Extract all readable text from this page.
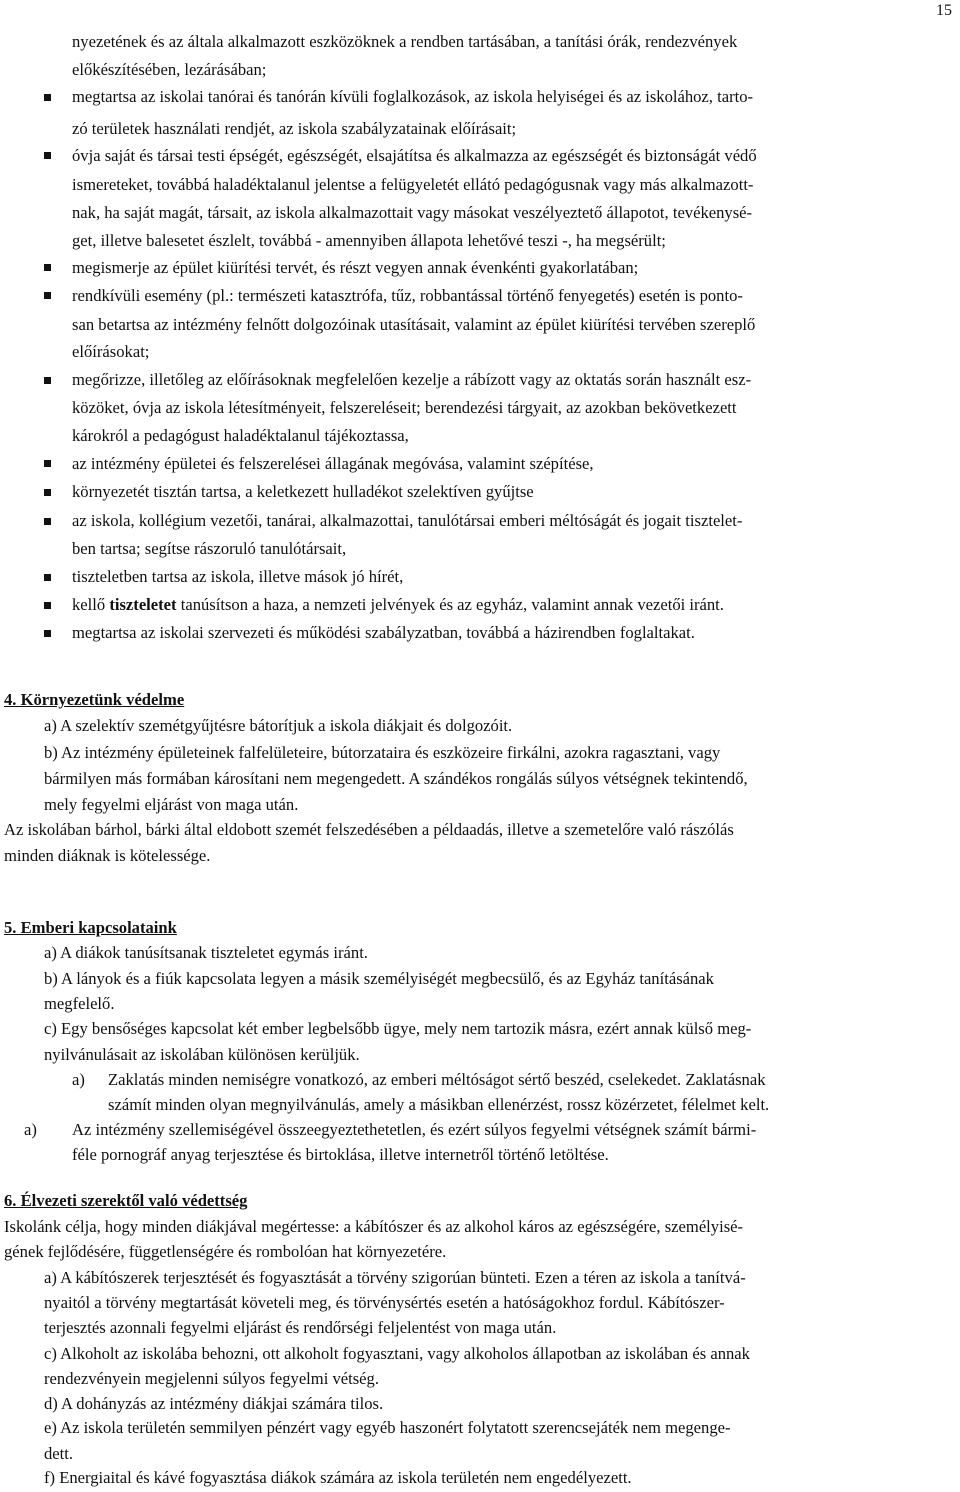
15
nyezetének és az általa alkalmazott eszközöknek a rendben tartásában, a tanítási órák, rendezvények
előkészítésében, lezárásában;
megtartsa az iskolai tanórai és tanórán kívüli foglalkozások, az iskola helyiségei és az iskolához, tarto-
zó területek használati rendjét, az iskola szabályzatainak előírásait;
óvja saját és társai testi épségét, egészségét, elsajátítsa és alkalmazza az egészségét és biztonságát védő
ismereteket, továbbá haladéktalanul jelentse a felügyeletét ellátó pedagógusnak vagy más alkalmazott-
nak, ha saját magát, társait, az iskola alkalmazottait vagy másokat veszélyeztető állapotot, tevékenysé-
get, illetve balesetet észlelt, továbbá - amennyiben állapota lehetővé teszi -, ha megsérült;
megismerje az épület kiürítési tervét, és részt vegyen annak évenkénti gyakorlatában;
rendkívüli esemény (pl.: természeti katasztrófa, tűz, robbantással történő fenyegetés) esetén is ponto-
san betartsa az intézmény felnőtt dolgozóinak utasításait, valamint az épület kiürítési tervében szereplő
előírásokat;
megőrizze, illetőleg az előírásoknak megfelelően kezelje a rábízott vagy az oktatás során használt esz-
közöket, óvja az iskola létesítményeit, felszereléseit; berendezési tárgyait, az azokban bekövetkezett
károkról a pedagógust haladéktalanul tájékoztassa,
az intézmény épületei és felszerelései állagának megóvása, valamint szépítése,
környezetét tisztán tartsa, a keletkezett hulladékot szelektíven gyűjtse
az iskola, kollégium vezetői, tanárai, alkalmazottai, tanulótársai emberi méltóságát és jogait tisztelet-
ben tartsa; segítse rászoruló tanulótársait,
tiszteletben tartsa az iskola, illetve mások jó hírét,
kellő tiszteletet tanúsítson a haza, a nemzeti jelvények és az egyház, valamint annak vezetői iránt.
megtartsa az iskolai szervezeti és működési szabályzatban, továbbá a házirendben foglaltakat.
4. Környezetünk védelme
a) A szelektív szemétgyűjtésre bátorítjuk a iskola diákjait és dolgozóit.
b) Az intézmény épületeinek falfelületeire, bútorzataira és eszközeire firkálni, azokra ragasztani, vagy
bármilyen más formában károsítani nem megengedett. A szándékos rongálás súlyos vétségnek tekintendő,
mely fegyelmi eljárást von maga után.
Az iskolában bárhol, bárki által eldobott szemét felszedésében a példaadás, illetve a szemetelőre való rászólás
minden diáknak is kötelessége.
5. Emberi kapcsolataink
a) A diákok tanúsítsanak tiszteletet egymás iránt.
b) A lányok és a fiúk kapcsolata legyen a másik személyiségét megbecsülő, és az Egyház tanításának
megfelelő.
c) Egy bensőséges kapcsolat két ember legbelsőbb ügye, mely nem tartozik másra, ezért annak külső meg-
nyilvánulásait az iskolában különösen kerüljük.
a) Zaklatás minden nemiségre vonatkozó, az emberi méltóságot sértő beszéd, cselekedet. Zaklatásnak
számít minden olyan megnyilvánulás, amely a másikban ellenérzést, rossz közérzetet, félelmet kelt.
a) Az intézmény szellemiségével összeegyeztethetetlen, és ezért súlyos fegyelmi vétségnek számít bármi-
féle pornográf anyag terjesztése és birtoklása, illetve internetről történő letöltése.
6. Élvezeti szerektől való védettség
Iskolánk célja, hogy minden diákjával megértesse: a kábítószer és az alkohol káros az egészségére, személyisé-
gének fejlődésére, függetlenségére és rombolóan hat környezetére.
a) A kábítószerek terjesztését és fogyasztását a törvény szigorúan bünteti. Ezen a téren az iskola a tanítvá-
nyaitól a törvény megtartását követeli meg, és törvénysértés esetén a hatóságokhoz fordul. Kábítószer-
terjesztés azonnali fegyelmi eljárást és rendőrségi feljelentést von maga után.
c) Alkoholt az iskolába behozni, ott alkoholt fogyasztani, vagy alkoholos állapotban az iskolában és annak
rendezvényein megjelenni súlyos fegyelmi vétség.
d) A dohányzás az intézmény diákjai számára tilos.
e) Az iskola területén semmilyen pénzért vagy egyéb haszonért folytatott szerencsejáték nem megenge-
dett.
f) Energiaital és kávé fogyasztása diákok számára az iskola területén nem engedélyezett.
